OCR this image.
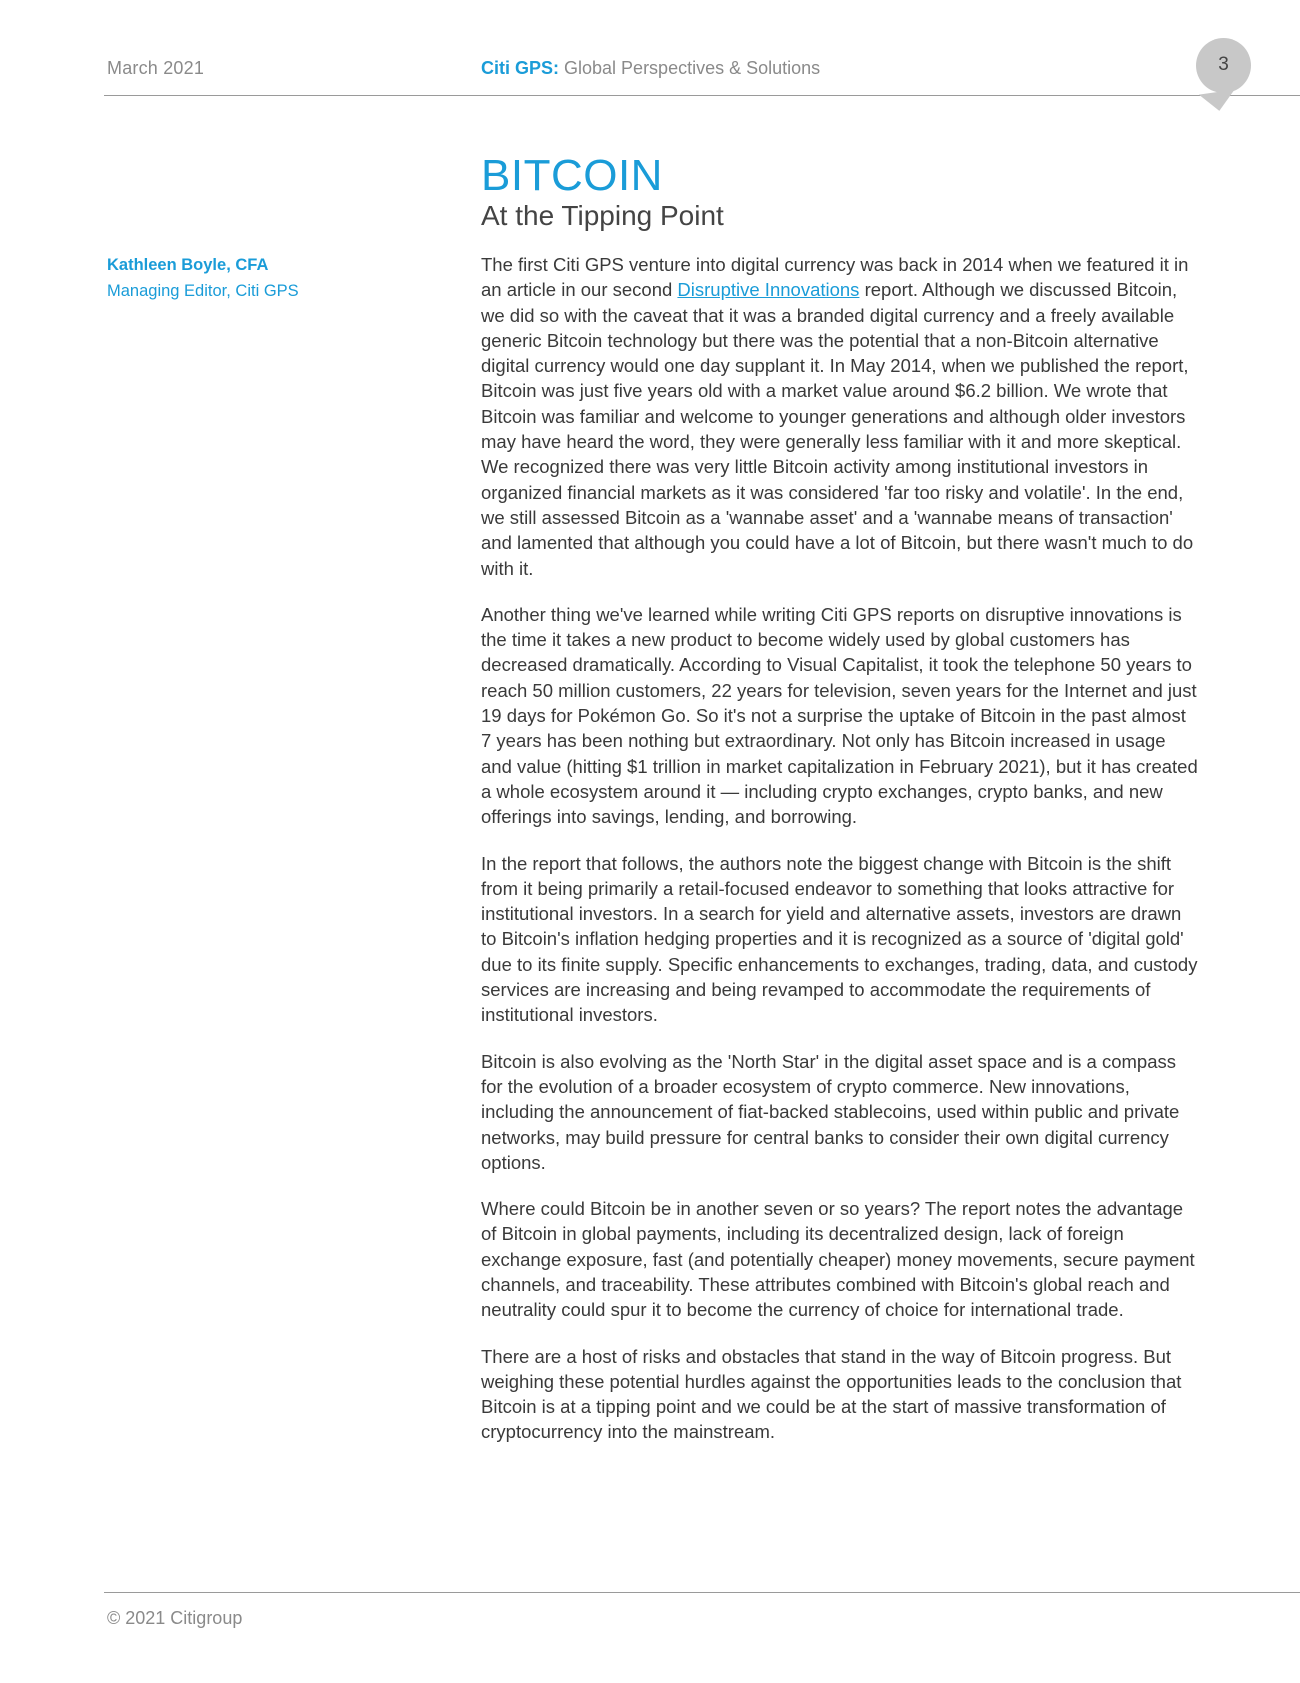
March 2021	Citi GPS: Global Perspectives & Solutions	3
BITCOIN
At the Tipping Point
Kathleen Boyle, CFA
Managing Editor, Citi GPS

The first Citi GPS venture into digital currency was back in 2014 when we featured it in an article in our second Disruptive Innovations report. Although we discussed Bitcoin, we did so with the caveat that it was a branded digital currency and a freely available generic Bitcoin technology but there was the potential that a non-Bitcoin alternative digital currency would one day supplant it. In May 2014, when we published the report, Bitcoin was just five years old with a market value around $6.2 billion. We wrote that Bitcoin was familiar and welcome to younger generations and although older investors may have heard the word, they were generally less familiar with it and more skeptical. We recognized there was very little Bitcoin activity among institutional investors in organized financial markets as it was considered 'far too risky and volatile'. In the end, we still assessed Bitcoin as a 'wannabe asset' and a 'wannabe means of transaction' and lamented that although you could have a lot of Bitcoin, but there wasn't much to do with it.

Another thing we've learned while writing Citi GPS reports on disruptive innovations is the time it takes a new product to become widely used by global customers has decreased dramatically. According to Visual Capitalist, it took the telephone 50 years to reach 50 million customers, 22 years for television, seven years for the Internet and just 19 days for Pokémon Go. So it's not a surprise the uptake of Bitcoin in the past almost 7 years has been nothing but extraordinary. Not only has Bitcoin increased in usage and value (hitting $1 trillion in market capitalization in February 2021), but it has created a whole ecosystem around it — including crypto exchanges, crypto banks, and new offerings into savings, lending, and borrowing.

In the report that follows, the authors note the biggest change with Bitcoin is the shift from it being primarily a retail-focused endeavor to something that looks attractive for institutional investors. In a search for yield and alternative assets, investors are drawn to Bitcoin's inflation hedging properties and it is recognized as a source of 'digital gold' due to its finite supply. Specific enhancements to exchanges, trading, data, and custody services are increasing and being revamped to accommodate the requirements of institutional investors.

Bitcoin is also evolving as the 'North Star' in the digital asset space and is a compass for the evolution of a broader ecosystem of crypto commerce. New innovations, including the announcement of fiat-backed stablecoins, used within public and private networks, may build pressure for central banks to consider their own digital currency options.

Where could Bitcoin be in another seven or so years? The report notes the advantage of Bitcoin in global payments, including its decentralized design, lack of foreign exchange exposure, fast (and potentially cheaper) money movements, secure payment channels, and traceability. These attributes combined with Bitcoin's global reach and neutrality could spur it to become the currency of choice for international trade.

There are a host of risks and obstacles that stand in the way of Bitcoin progress. But weighing these potential hurdles against the opportunities leads to the conclusion that Bitcoin is at a tipping point and we could be at the start of massive transformation of cryptocurrency into the mainstream.

© 2021 Citigroup
